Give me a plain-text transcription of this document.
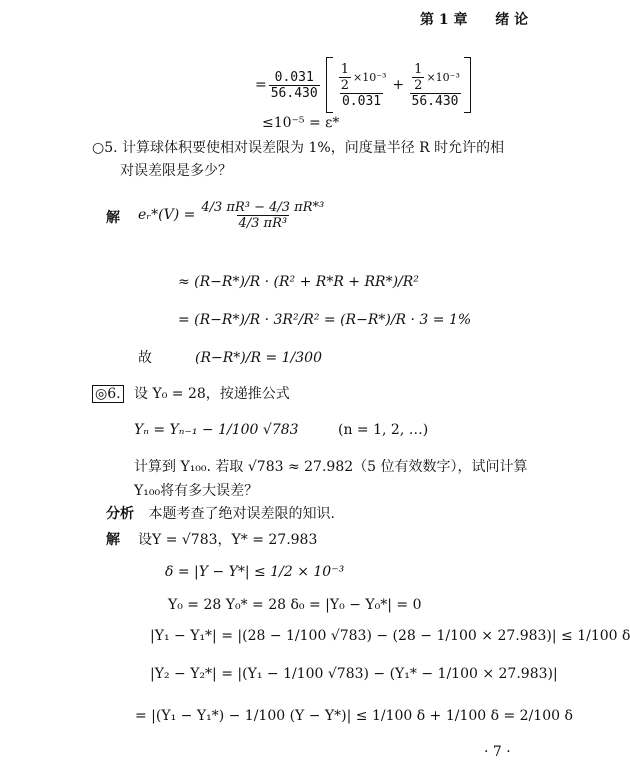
第 1 章 绪 论
= $\frac{0.031}{56.430} \frac{\frac{1}{2} \times 10^{-3}}{0.031} + \frac{\frac{1}{2} \times 10^{-3}}{56.430}$
≤10⁻⁵ = ε*
○5. 计算球体积要使相对误差限为 1%，问度量半径 R 时允许的相
对误差限是多少？
解 eᵣ*(V) = $\frac{\text{4/3 πR³ − 4/3 πR*³}}{\text{4/3 πR³}}$
≈ (R−R*)/R · (R² + R*R + RR*)/R²
= (R−R*)/R · 3R²/R² = (R−R*)/R · 3 = 1%
故	(R−R*)/R = 1/300
◎6. 设 Y₀ = 28，按递推公式
Yₙ = Yₙ₋₁ − 1/100 √783	(n = 1, 2, …)
计算到 Y₁₀₀. 若取 √783 ≈ 27.982（5 位有效数字），试问计算
Y₁₀₀将有多大误差？
分析 本题考查了绝对误差限的知识.
解 设Y = √783，Y* = 27.983
δ = |Y − Y*| ≤ 1/2 × 10⁻³
Y₀ = 28 Y₀* = 28 δ₀ = |Y₀ − Y₀*| = 0
|Y₁ − Y₁*| = |(28 − 1/100 √783) − (28 − 1/100 × 27.983)| ≤ 1/100 δ
|Y₂ − Y₂*| = |(Y₁ − 1/100 √783) − (Y₁* − 1/100 × 27.983)|
= |(Y₁ − Y₁*) − 1/100 (Y − Y*)| ≤ 1/100 δ + 1/100 δ = 2/100 δ
· 7 ·
